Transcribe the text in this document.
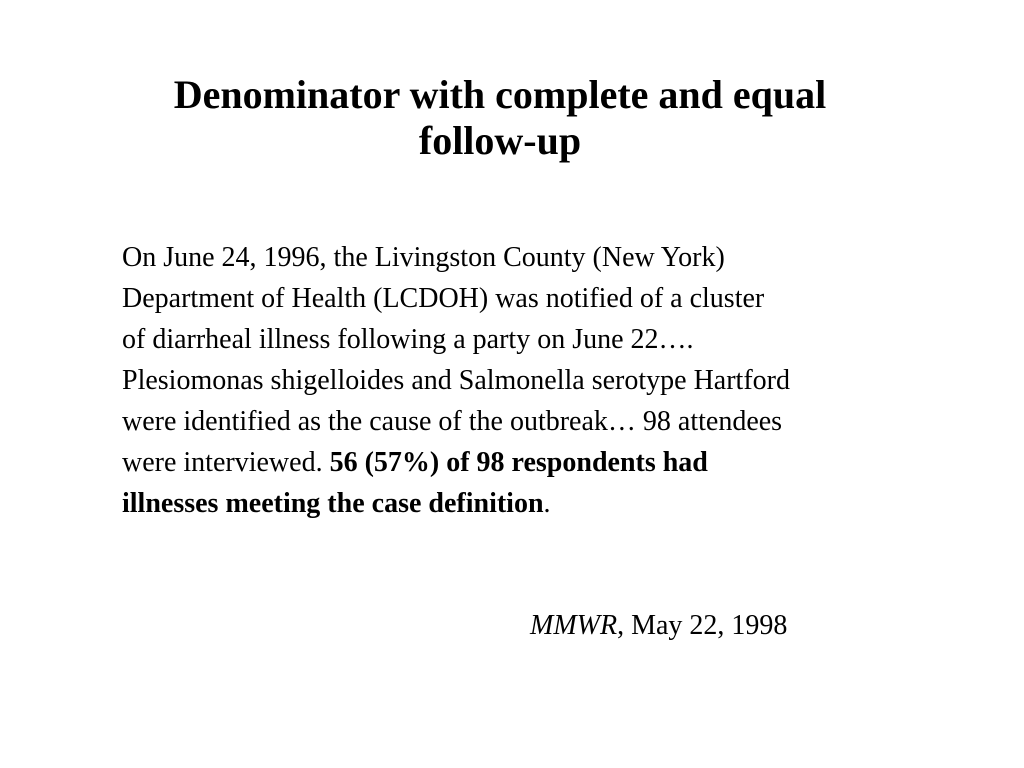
Denominator with complete and equal
follow-up
On June 24, 1996, the Livingston County (New York)
Department of Health (LCDOH) was notified of a cluster
of diarrheal illness following a party on June 22….
Plesiomonas shigelloides and Salmonella serotype Hartford
were identified as the cause of the outbreak… 98 attendees
were interviewed. 56 (57%) of 98 respondents had
illnesses meeting the case definition.
MMWR, May 22, 1998
